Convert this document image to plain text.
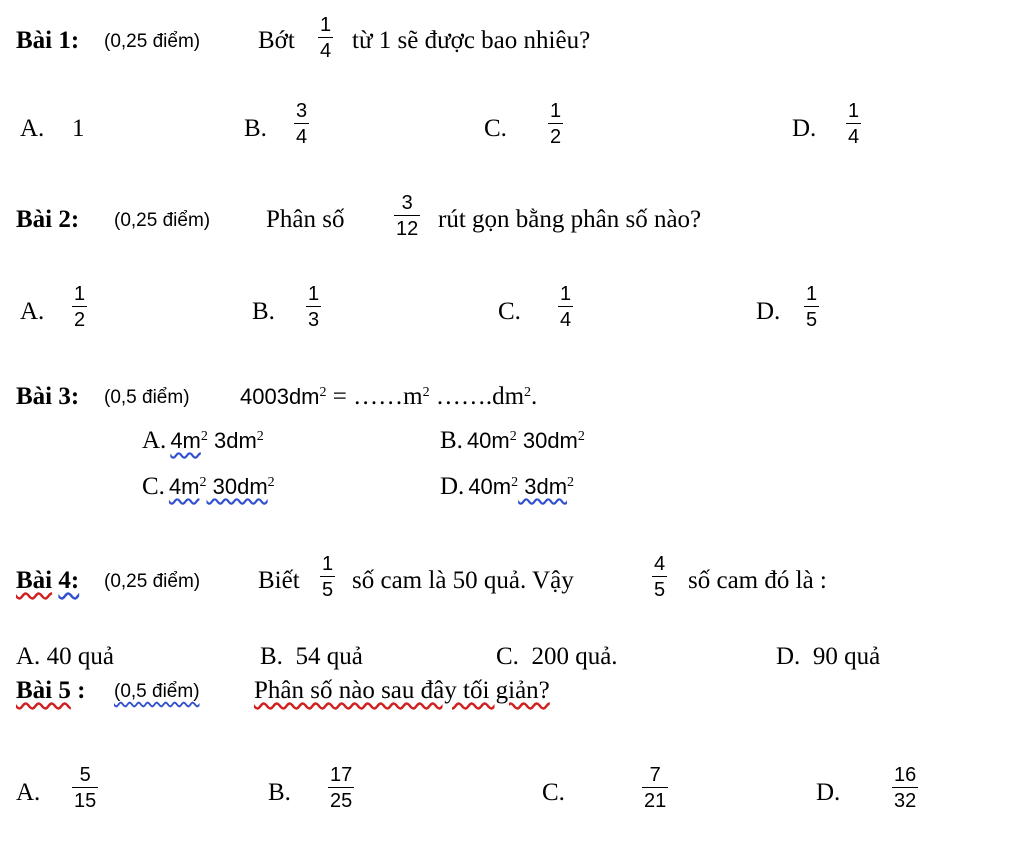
Bài 1: (0,25 điểm) Bớt
1
4 từ 1 sẽ được bao nhiêu?
A. 1	B.
3
4	C.
1
2	D.
1
4
Bài 2: (0,25 điểm) Phân số
3
12 rút gọn bằng phân số nào?
A.
1
2	B.
1
3	C.
1
4	D.
1
5
Bài 3: (0,5 điểm) 4003dm2 = ……m2 …….dm2.
A. 4m2 3dm2	B. 40m2 30dm2
C. 4m2 30dm2	D. 40m2 3dm2
Bài 4: (0,25 điểm) Biết
1
5 số cam là 50 quả. Vậy
4
5 số cam đó là :
A. 40 quả	B. 54 quả	C. 200 quả.	D. 90 quả
Bài 5 : (0,5 điểm) Phân số nào sau đây tối giản?
A.
5
15	B.
17
25	C.
7
21	D.
16
32
